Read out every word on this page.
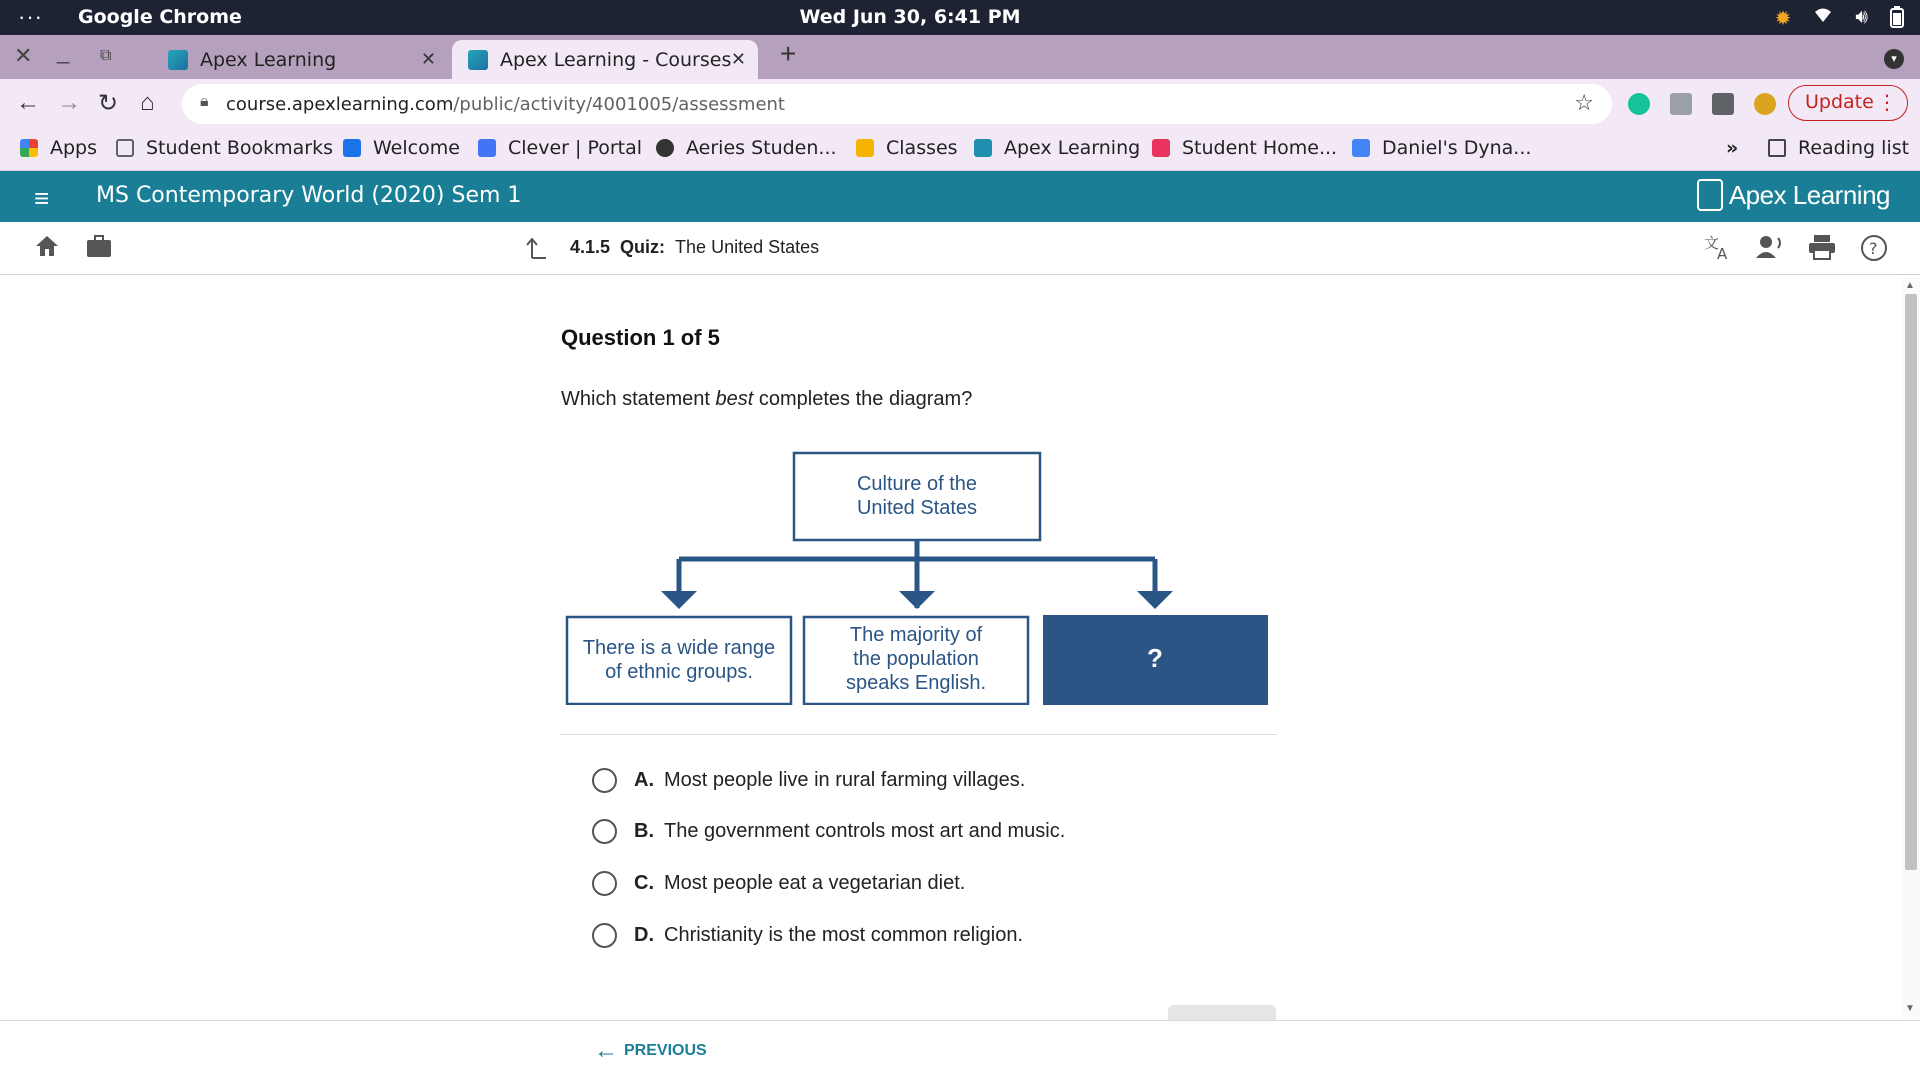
··· Google Chrome	Wed Jun 30, 6:41 PM	✹	🔊︎
✕ _ ⧉	Apex Learning	✕	Apex Learning - Courses ✕ +	▾
← → ↻ ⌂	🔒︎ course.apexlearning.com/public/activity/4001005/assessment	☆	Update ⋮
Apps	Student Bookmarks Welcome	Clever | Portal Aeries Studen...	Classes Apex Learning Student Home... Daniel's Dyna...	»	Reading list
≡ MS Contemporary World (2020) Sem 1	Apex Learning
4.1.5 Quiz: The United States	文
A	?
Question 1 of 5
Which statement best completes the diagram?
Culture of the
United States
There is a wide range
of ethnic groups.
The majority of
the population
speaks English.
?
A. Most people live in rural farming villages.
B. The government controls most art and music.
C. Most people eat a vegetarian diet.
D. Christianity is the most common religion.
▲
▼
← PREVIOUS
